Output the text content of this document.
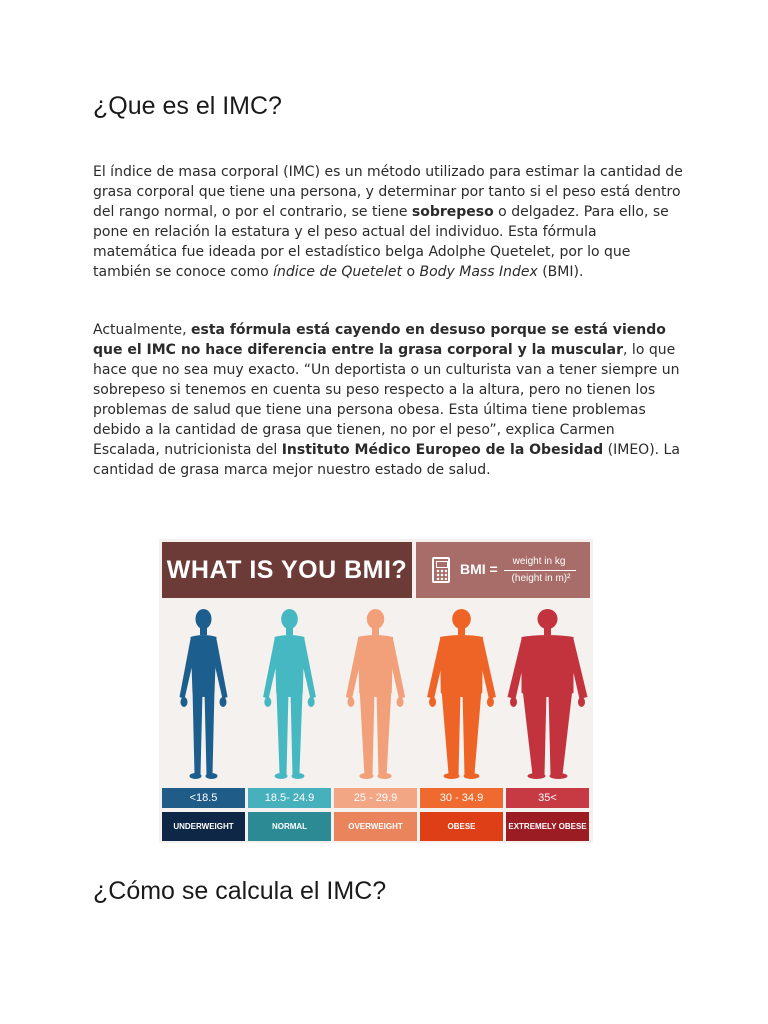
¿Que es el IMC?

El índice de masa corporal (IMC) es un método utilizado para estimar la cantidad de grasa corporal que tiene una persona, y determinar por tanto si el peso está dentro del rango normal, o por el contrario, se tiene sobrepeso o delgadez. Para ello, se pone en relación la estatura y el peso actual del individuo. Esta fórmula matemática fue ideada por el estadístico belga Adolphe Quetelet, por lo que también se conoce como índice de Quetelet o Body Mass Index (BMI).

Actualmente, esta fórmula está cayendo en desuso porque se está viendo que el IMC no hace diferencia entre la grasa corporal y la muscular, lo que hace que no sea muy exacto. “Un deportista o un culturista van a tener siempre un sobrepeso si tenemos en cuenta su peso respecto a la altura, pero no tienen los problemas de salud que tiene una persona obesa. Esta última tiene problemas debido a la cantidad de grasa que tienen, no por el peso”, explica Carmen Escalada, nutricionista del Instituto Médico Europeo de la Obesidad (IMEO). La cantidad de grasa marca mejor nuestro estado de salud.

¿Cómo se calcula el IMC?
WHAT IS YOU BMI?	BMI =	weight in kg
(height in m)²
<18.5
UNDERWEIGHT
18.5- 24.9
NORMAL
25 - 29.9
OVERWEIGHT
30 - 34.9
OBESE
35<
EXTREMELY OBESE
